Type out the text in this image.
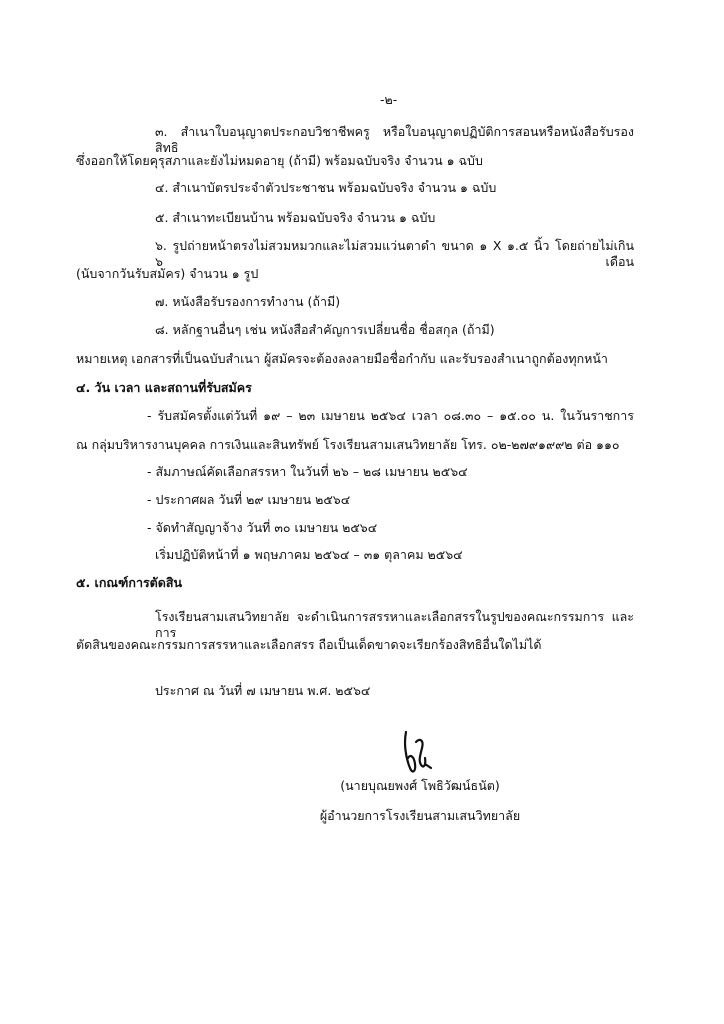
-๒-
๓. สำเนาใบอนุญาตประกอบวิชาชีพครู หรือใบอนุญาตปฏิบัติการสอนหรือหนังสือรับรองสิทธิ
ซึ่งออกให้โดยคุรุสภาและยังไม่หมดอายุ (ถ้ามี) พร้อมฉบับจริง จำนวน ๑ ฉบับ
๔. สำเนาบัตรประจำตัวประชาชน พร้อมฉบับจริง จำนวน ๑ ฉบับ
๕. สำเนาทะเบียนบ้าน พร้อมฉบับจริง จำนวน ๑ ฉบับ
๖. รูปถ่ายหน้าตรงไม่สวมหมวกและไม่สวมแว่นตาดำ ขนาด ๑ X ๑.๕ นิ้ว โดยถ่ายไม่เกิน ๖ เดือน
(นับจากวันรับสมัคร) จำนวน ๑ รูป
๗. หนังสือรับรองการทำงาน (ถ้ามี)
๘. หลักฐานอื่นๆ เช่น หนังสือสำคัญการเปลี่ยนชื่อ ชื่อสกุล (ถ้ามี)
หมายเหตุ เอกสารที่เป็นฉบับสำเนา ผู้สมัครจะต้องลงลายมือชื่อกำกับ และรับรองสำเนาถูกต้องทุกหน้า
๔. วัน เวลา และสถานที่รับสมัคร
- รับสมัครตั้งแต่วันที่ ๑๙ – ๒๓ เมษายน ๒๕๖๔ เวลา ๐๘.๓๐ – ๑๕.๐๐ น. ในวันราชการ
ณ กลุ่มบริหารงานบุคคล การเงินและสินทรัพย์ โรงเรียนสามเสนวิทยาลัย โทร. ๐๒-๒๗๙๑๙๙๒ ต่อ ๑๑๐
- สัมภาษณ์คัดเลือกสรรหา ในวันที่ ๒๖ – ๒๘ เมษายน ๒๕๖๔
- ประกาศผล วันที่ ๒๙ เมษายน ๒๕๖๔
- จัดทำสัญญาจ้าง วันที่ ๓๐ เมษายน ๒๕๖๔
เริ่มปฏิบัติหน้าที่ ๑ พฤษภาคม ๒๕๖๔ – ๓๑ ตุลาคม ๒๕๖๔
๕. เกณฑ์การตัดสิน
โรงเรียนสามเสนวิทยาลัย จะดำเนินการสรรหาและเลือกสรรในรูปของคณะกรรมการ และการ
ตัดสินของคณะกรรมการสรรหาและเลือกสรร ถือเป็นเด็ดขาดจะเรียกร้องสิทธิอื่นใดไม่ได้
ประกาศ ณ วันที่ ๗ เมษายน พ.ศ. ๒๕๖๔
(นายบุณยพงศ์ โพธิวัฒน์ธนัต)
ผู้อำนวยการโรงเรียนสามเสนวิทยาลัย
